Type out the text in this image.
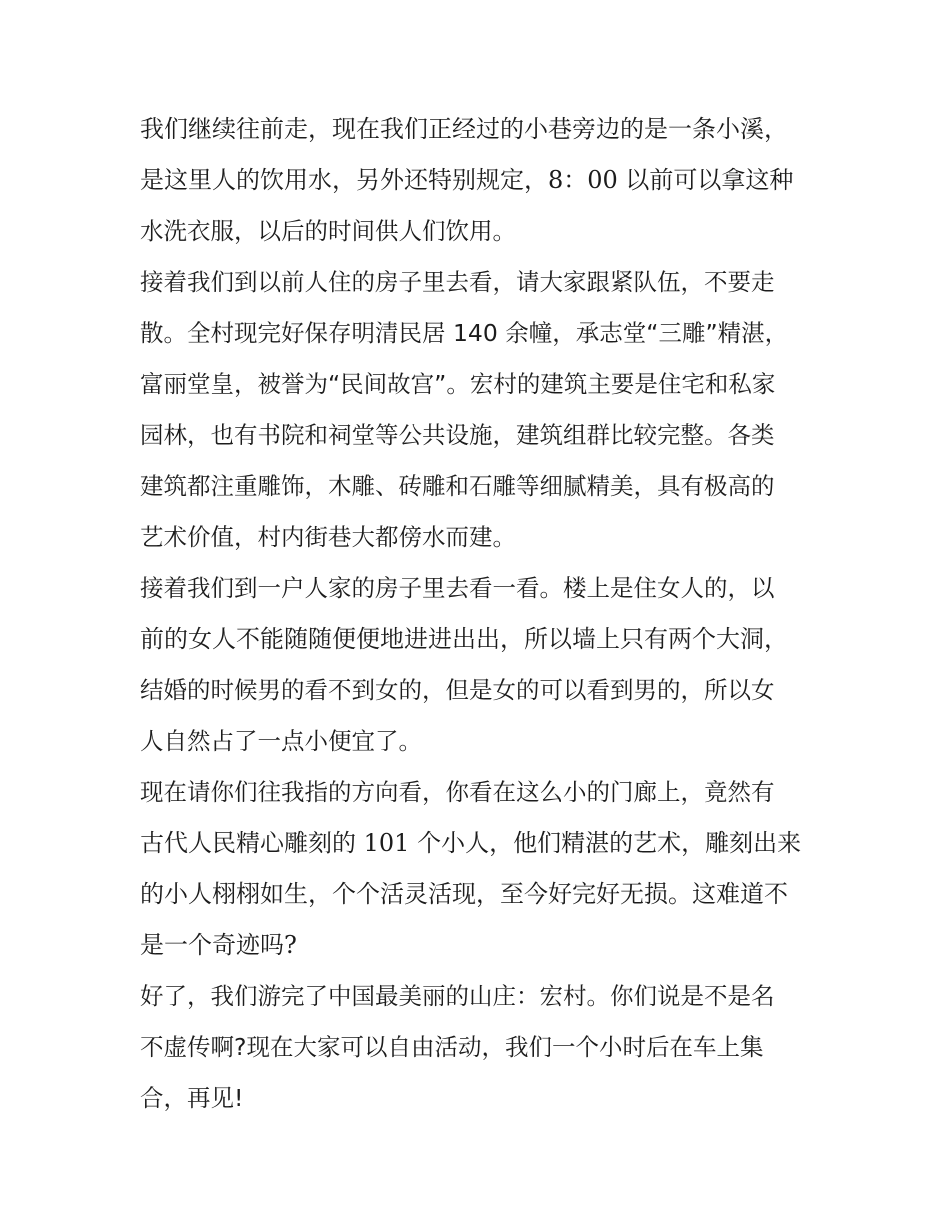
我们继续往前走，现在我们正经过的小巷旁边的是一条小溪，
是这里人的饮用水，另外还特别规定，8：00 以前可以拿这种
水洗衣服，以后的时间供人们饮用。
接着我们到以前人住的房子里去看，请大家跟紧队伍，不要走
散。全村现完好保存明清民居 140 余幢，承志堂“三雕”精湛，
富丽堂皇，被誉为“民间故宫”。宏村的建筑主要是住宅和私家
园林，也有书院和祠堂等公共设施，建筑组群比较完整。各类
建筑都注重雕饰，木雕、砖雕和石雕等细腻精美，具有极高的
艺术价值，村内街巷大都傍水而建。
接着我们到一户人家的房子里去看一看。楼上是住女人的，以
前的女人不能随随便便地进进出出，所以墙上只有两个大洞，
结婚的时候男的看不到女的，但是女的可以看到男的，所以女
人自然占了一点小便宜了。
现在请你们往我指的方向看，你看在这么小的门廊上，竟然有
古代人民精心雕刻的 101 个小人，他们精湛的艺术，雕刻出来
的小人栩栩如生，个个活灵活现，至今好完好无损。这难道不
是一个奇迹吗?
好了，我们游完了中国最美丽的山庄：宏村。你们说是不是名
不虚传啊?现在大家可以自由活动，我们一个小时后在车上集
合，再见!
